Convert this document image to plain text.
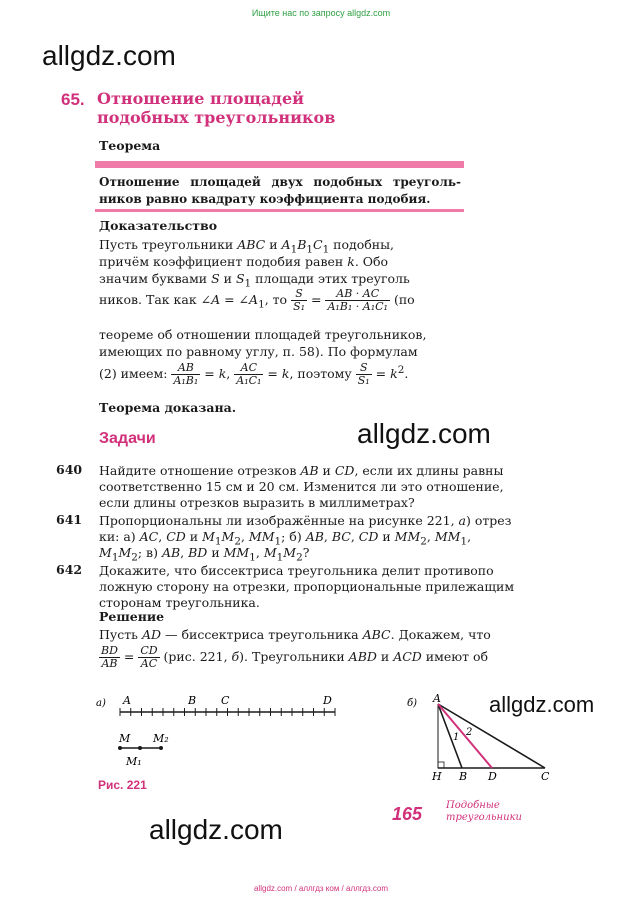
Ищите нас по запросу allgdz.com
allgdz.com
65. Отношение площадей
подобных треугольников
Теорема
Отношение площадей двух подобных треугольников равно квадрату коэффициента подобия.
Доказательство
Пусть треугольники ABC и $A_1B_1C_1$ подобны,
причём коэффициент подобия равен k. Обо
значим буквами S и $S_1$ площади этих треуголь
ников. Так как ∠A = $\angle A_1$, то $\frac{S}{\text{S₁}} = \frac{AB \cdot AC}{\text{A₁B₁ · A₁C₁}} (по$
теореме об отношении площадей треугольников,
имеющих по равному углу, п. 58). По формулам
(2) имеем: $\frac{AB}{\text{A₁B₁}} = k$, $\frac{AC}{\text{A₁C₁}} = k$, поэтому $\frac{S}{\text{S₁}} = k^2$.
Теорема доказана.
Задачи	allgdz.com
640 Найдите отношение отрезков AB и CD, если их длины равны
соответственно 15 см и 20 см. Изменится ли это отношение,
если длины отрезков выразить в миллиметрах?
641 Пропорциональны ли изображённые на рисунке 221, а) отрез
ки: а) AC, CD и $M_1M_2$, $MM_1$; б) AB, BC, CD и $MM_2$, $MM_1$,
$M_1M_2$; в) AB, BD и $MM_1$, $M_1M_2$?
642 Докажите, что биссектриса треугольника делит противопо
ложную сторону на отрезки, пропорциональные прилежащим
сторонам треугольника.
Решение
Пусть AD — биссектриса треугольника ABC. Докажем, что
$\frac{BD}{AB} = \frac{CD}{AC} (рис$. 221, б). Треугольники ABD и ACD имеют об
а) A	B C	D
M M₂
M₁
б) A
H B D	C
1 2
allgdz.com
Рис. 221
allgdz.com	165 Подобные
треугольники
allgdz.com / аллгдз ком / аллгдз.com
